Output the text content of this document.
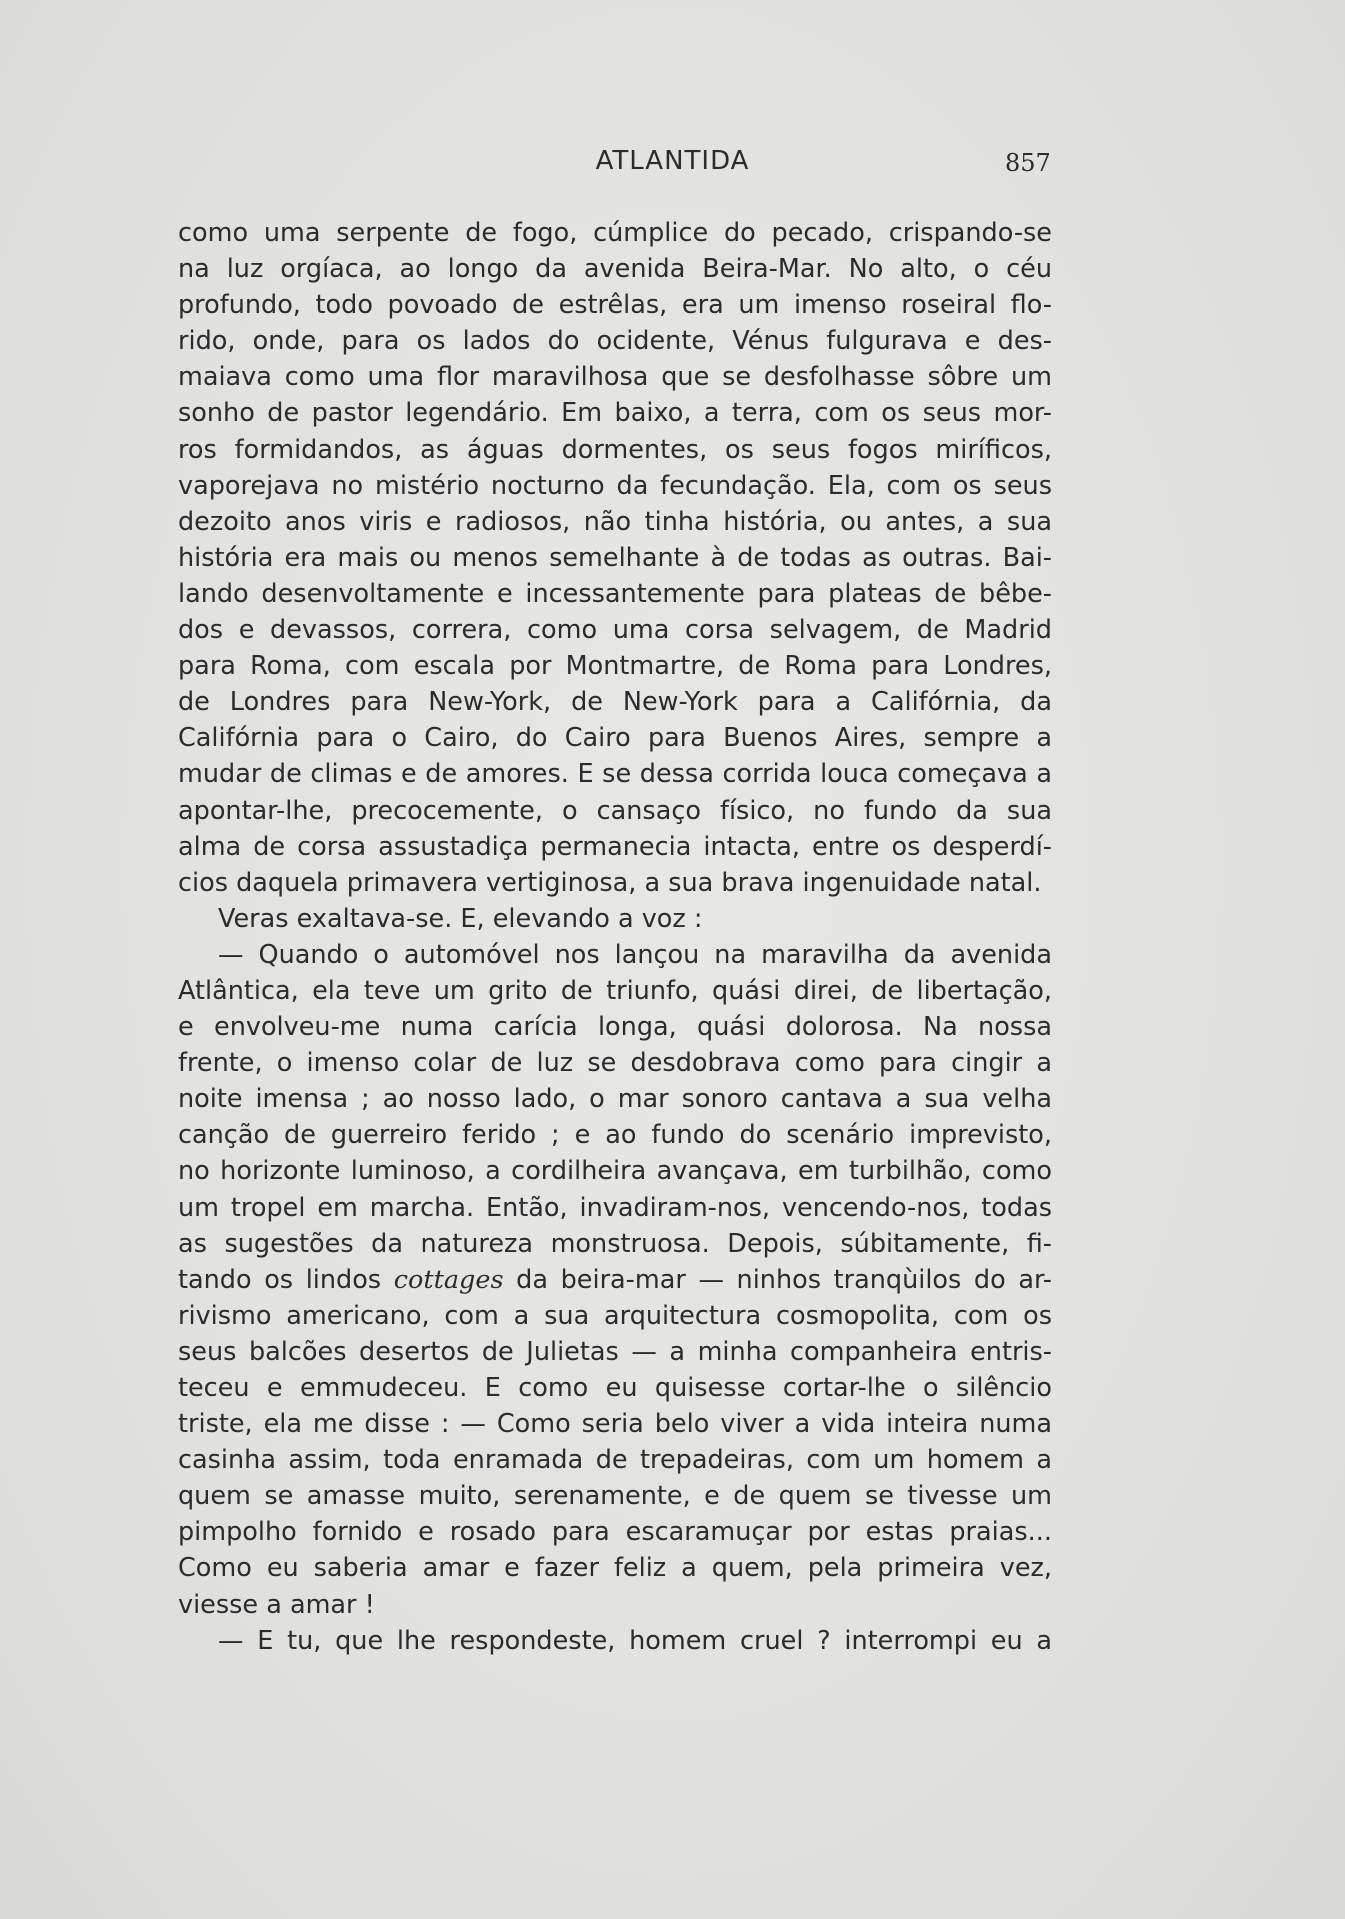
ATLANTIDA	857
como uma serpente de fogo, cúmplice do pecado, crispando-se
na luz orgíaca, ao longo da avenida Beira-Mar. No alto, o céu
profundo, todo povoado de estrêlas, era um imenso roseiral flo-
rido, onde, para os lados do ocidente, Vénus fulgurava e des-
maiava como uma flor maravilhosa que se desfolhasse sôbre um
sonho de pastor legendário. Em baixo, a terra, com os seus mor-
ros formidandos, as águas dormentes, os seus fogos miríficos,
vaporejava no mistério nocturno da fecundação. Ela, com os seus
dezoito anos viris e radiosos, não tinha história, ou antes, a sua
história era mais ou menos semelhante à de todas as outras. Bai-
lando desenvoltamente e incessantemente para plateas de bêbe-
dos e devassos, correra, como uma corsa selvagem, de Madrid
para Roma, com escala por Montmartre, de Roma para Londres,
de Londres para New-York, de New-York para a Califórnia, da
Califórnia para o Cairo, do Cairo para Buenos Aires, sempre a
mudar de climas e de amores. E se dessa corrida louca começava a
apontar-lhe, precocemente, o cansaço físico, no fundo da sua
alma de corsa assustadiça permanecia intacta, entre os desperdí-
cios daquela primavera vertiginosa, a sua brava ingenuidade natal.
Veras exaltava-se. E, elevando a voz :
— Quando o automóvel nos lançou na maravilha da avenida
Atlântica, ela teve um grito de triunfo, quási direi, de libertação,
e envolveu-me numa carícia longa, quási dolorosa. Na nossa
frente, o imenso colar de luz se desdobrava como para cingir a
noite imensa ; ao nosso lado, o mar sonoro cantava a sua velha
canção de guerreiro ferido ; e ao fundo do scenário imprevisto,
no horizonte luminoso, a cordilheira avançava, em turbilhão, como
um tropel em marcha. Então, invadiram-nos, vencendo-nos, todas
as sugestões da natureza monstruosa. Depois, súbitamente, fi-
tando os lindos cottages da beira-mar — ninhos tranqùilos do ar-
rivismo americano, com a sua arquitectura cosmopolita, com os
seus balcões desertos de Julietas — a minha companheira entris-
teceu e emmudeceu. E como eu quisesse cortar-lhe o silêncio
triste, ela me disse : — Como seria belo viver a vida inteira numa
casinha assim, toda enramada de trepadeiras, com um homem a
quem se amasse muito, serenamente, e de quem se tivesse um
pimpolho fornido e rosado para escaramuçar por estas praias...
Como eu saberia amar e fazer feliz a quem, pela primeira vez,
viesse a amar !
— E tu, que lhe respondeste, homem cruel ? interrompi eu a
